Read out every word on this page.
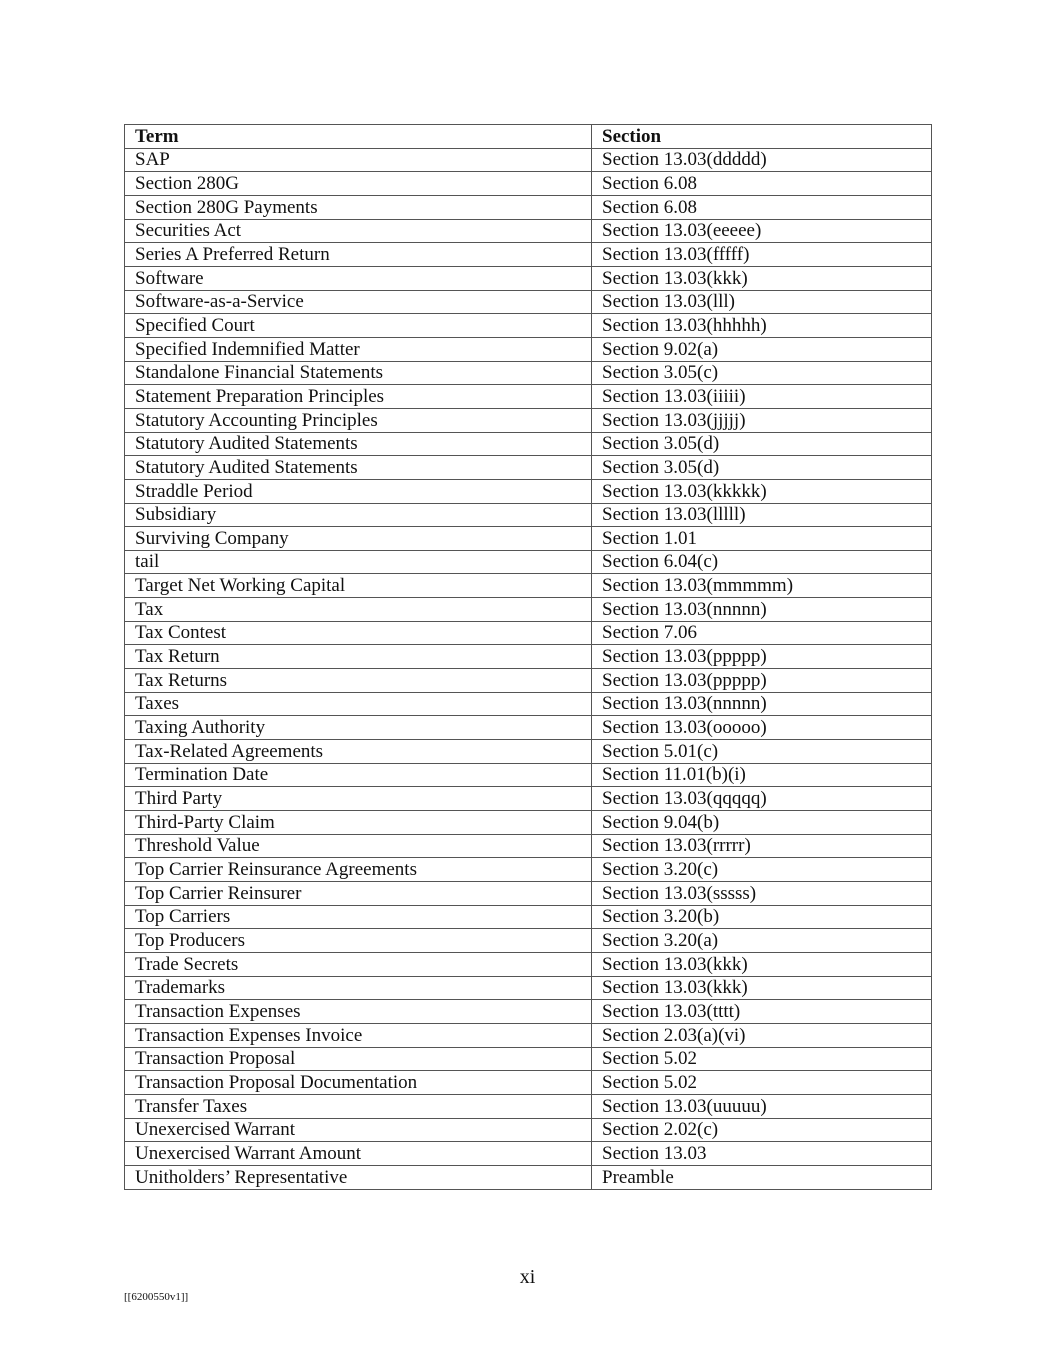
Term	Section
SAP	Section 13.03(ddddd)
Section 280G	Section 6.08
Section 280G Payments	Section 6.08
Securities Act	Section 13.03(eeeee)
Series A Preferred Return	Section 13.03(fffff)
Software	Section 13.03(kkk)
Software-as-a-Service	Section 13.03(lll)
Specified Court	Section 13.03(hhhhh)
Specified Indemnified Matter	Section 9.02(a)
Standalone Financial Statements	Section 3.05(c)
Statement Preparation Principles	Section 13.03(iiiii)
Statutory Accounting Principles	Section 13.03(jjjjj)
Statutory Audited Statements	Section 3.05(d)
Statutory Audited Statements	Section 3.05(d)
Straddle Period	Section 13.03(kkkkk)
Subsidiary	Section 13.03(lllll)
Surviving Company	Section 1.01
tail	Section 6.04(c)
Target Net Working Capital	Section 13.03(mmmmm)
Tax	Section 13.03(nnnnn)
Tax Contest	Section 7.06
Tax Return	Section 13.03(ppppp)
Tax Returns	Section 13.03(ppppp)
Taxes	Section 13.03(nnnnn)
Taxing Authority	Section 13.03(ooooo)
Tax-Related Agreements	Section 5.01(c)
Termination Date	Section 11.01(b)(i)
Third Party	Section 13.03(qqqqq)
Third-Party Claim	Section 9.04(b)
Threshold Value	Section 13.03(rrrrr)
Top Carrier Reinsurance Agreements	Section 3.20(c)
Top Carrier Reinsurer	Section 13.03(sssss)
Top Carriers	Section 3.20(b)
Top Producers	Section 3.20(a)
Trade Secrets	Section 13.03(kkk)
Trademarks	Section 13.03(kkk)
Transaction Expenses	Section 13.03(tttt)
Transaction Expenses Invoice	Section 2.03(a)(vi)
Transaction Proposal	Section 5.02
Transaction Proposal Documentation	Section 5.02
Transfer Taxes	Section 13.03(uuuuu)
Unexercised Warrant	Section 2.02(c)
Unexercised Warrant Amount	Section 13.03
Unitholders’ Representative	Preamble
xi
[[6200550v1]]
